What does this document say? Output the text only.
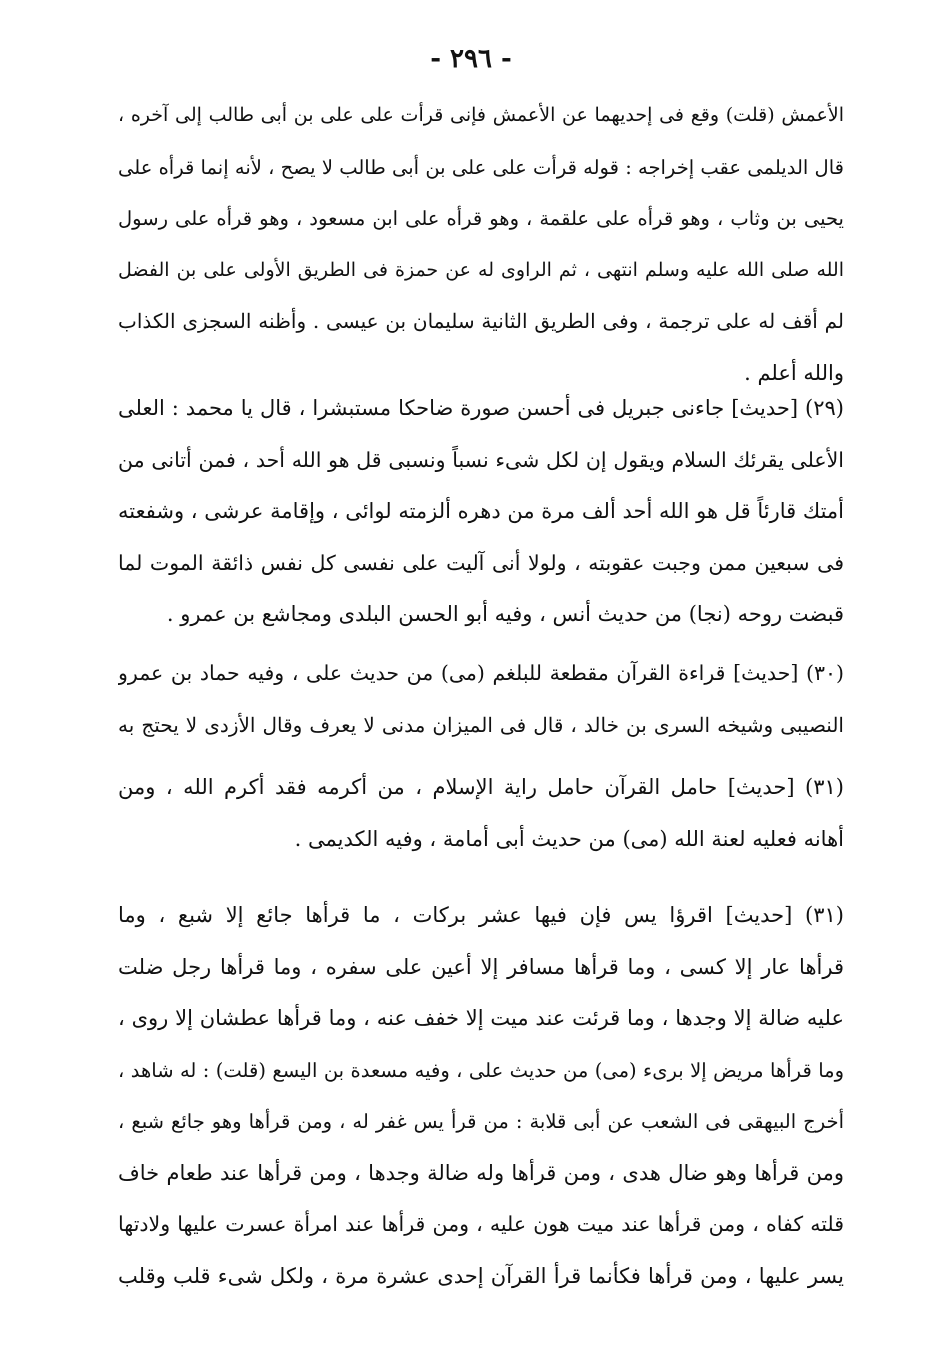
- ٢٩٦ -
الأعمش (قلت) وقع فى إحديهما عن الأعمش فإنى قرأت على على بن أبى طالب إلى آخره ،
قال الديلمى عقب إخراجه : قوله قرأت على على بن أبى طالب لا يصح ، لأنه إنما قرأه على
يحيى بن وثاب ، وهو قرأه على علقمة ، وهو قرأه على ابن مسعود ، وهو قرأه على رسول
الله صلى الله عليه وسلم انتهى ، ثم الراوى له عن حمزة فى الطريق الأولى على بن الفضل
لم أقف له على ترجمة ، وفى الطريق الثانية سليمان بن عيسى . وأظنه السجزى الكذاب
والله أعلم .
(٢٩) [حديث] جاءنى جبريل فى أحسن صورة ضاحكا مستبشرا ، قال يا محمد : العلى
الأعلى يقرئك السلام ويقول إن لكل شىء نسباً ونسبى قل هو الله أحد ، فمن أتانى من
أمتك قارئاً قل هو الله أحد ألف مرة من دهره ألزمته لوائى ، وإقامة عرشى ، وشفعته
فى سبعين ممن وجبت عقوبته ، ولولا أنى آليت على نفسى كل نفس ذائقة الموت لما
قبضت روحه (نجا) من حديث أنس ، وفيه أبو الحسن البلدى ومجاشع بن عمرو .
(٣٠) [حديث] قراءة القرآن مقطعة للبلغم (مى) من حديث على ، وفيه حماد بن عمرو
النصيبى وشيخه السرى بن خالد ، قال فى الميزان مدنى لا يعرف وقال الأزدى لا يحتج به
(٣١) [حديث] حامل القرآن حامل راية الإسلام ، من أكرمه فقد أكرم الله ، ومن
أهانه فعليه لعنة الله (مى) من حديث أبى أمامة ، وفيه الكديمى .
(٣١) [حديث] اقرؤا يس فإن فيها عشر بركات ، ما قرأها جائع إلا شبع ، وما
قرأها عار إلا كسى ، وما قرأها مسافر إلا أعين على سفره ، وما قرأها رجل ضلت
عليه ضالة إلا وجدها ، وما قرئت عند ميت إلا خفف عنه ، وما قرأها عطشان إلا روى ،
وما قرأها مريض إلا برىء (مى) من حديث على ، وفيه مسعدة بن اليسع (قلت) : له شاهد ،
أخرج البيهقى فى الشعب عن أبى قلابة : من قرأ يس غفر له ، ومن قرأها وهو جائع شبع ،
ومن قرأها وهو ضال هدى ، ومن قرأها وله ضالة وجدها ، ومن قرأها عند طعام خاف
قلته كفاه ، ومن قرأها عند ميت هون عليه ، ومن قرأها عند امرأة عسرت عليها ولادتها
يسر عليها ، ومن قرأها فكأنما قرأ القرآن إحدى عشرة مرة ، ولكل شىء قلب وقلب
